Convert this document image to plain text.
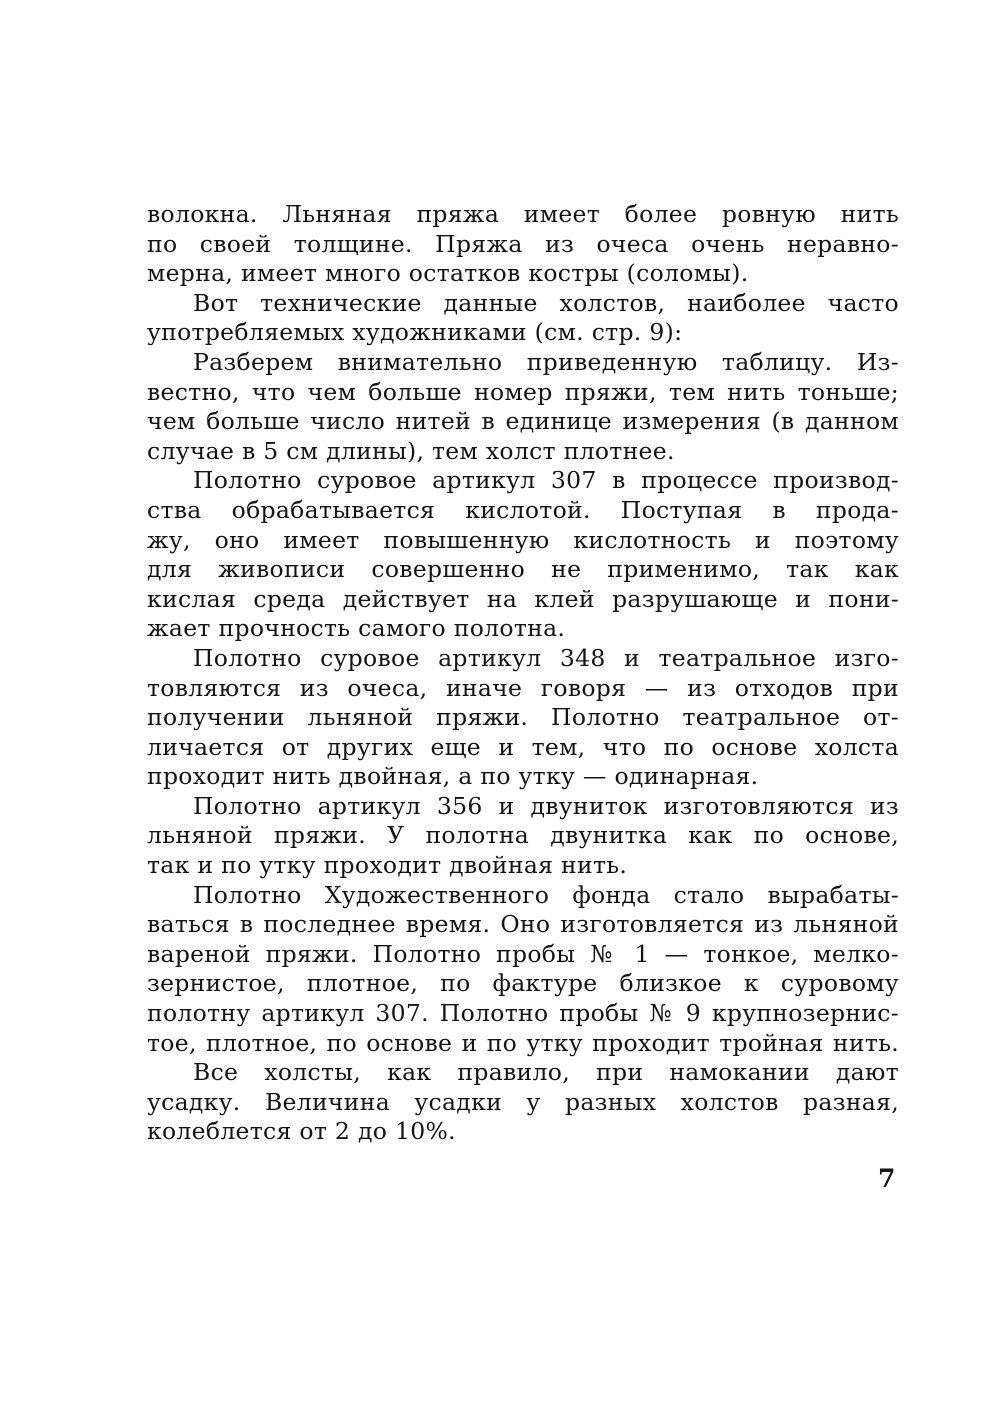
волокна. Льняная пряжа имеет более ровную нить
по своей толщине. Пряжа из очеса очень неравно-
мерна, имеет много остатков костры (соломы).
Вот технические данные холстов, наиболее часто
употребляемых художниками (см. стр. 9):
Разберем внимательно приведенную таблицу. Из-
вестно, что чем больше номер пряжи, тем нить тоньше;
чем больше число нитей в единице измерения (в данном
случае в 5 см длины), тем холст плотнее.
Полотно суровое артикул 307 в процессе производ-
ства обрабатывается кислотой. Поступая в прода-
жу, оно имеет повышенную кислотность и поэтому
для живописи совершенно не применимо, так как
кислая среда действует на клей разрушающе и пони-
жает прочность самого полотна.
Полотно суровое артикул 348 и театральное изго-
товляются из очеса, иначе говоря — из отходов при
получении льняной пряжи. Полотно театральное от-
личается от других еще и тем, что по основе холста
проходит нить двойная, а по утку — одинарная.
Полотно артикул 356 и двуниток изготовляются из
льняной пряжи. У полотна двунитка как по основе,
так и по утку проходит двойная нить.
Полотно Художественного фонда стало вырабаты-
ваться в последнее время. Оно изготовляется из льняной
вареной пряжи. Полотно пробы № 1 — тонкое, мелко-
зернистое, плотное, по фактуре близкое к суровому
полотну артикул 307. Полотно пробы № 9 крупнозернис-
тое, плотное, по основе и по утку проходит тройная нить.
Все холсты, как правило, при намокании дают
усадку. Величина усадки у разных холстов разная,
колеблется от 2 до 10%.
7
